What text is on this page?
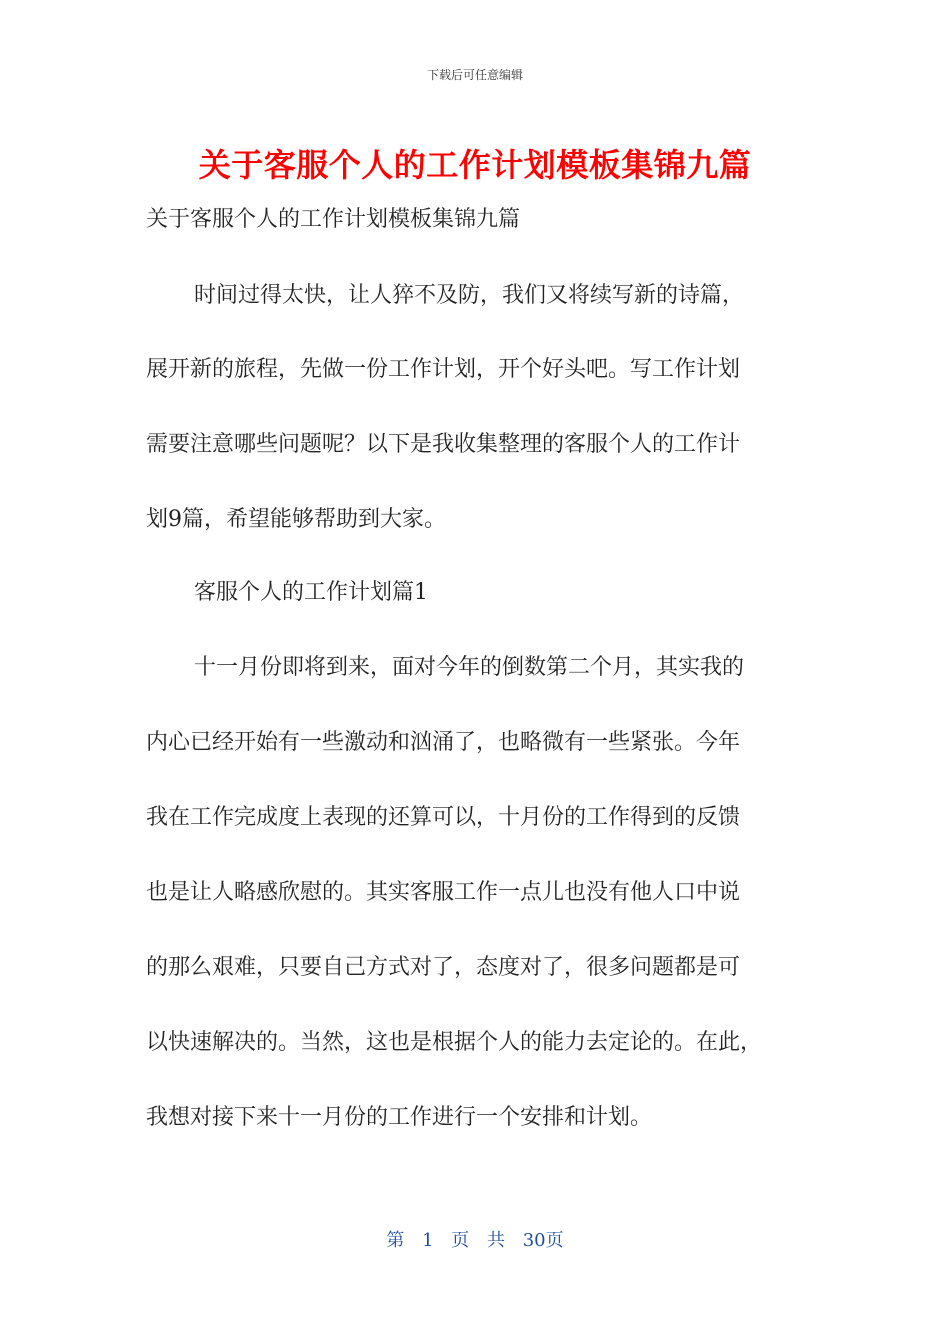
下载后可任意编辑
关于客服个人的工作计划模板集锦九篇
关于客服个人的工作计划模板集锦九篇
时间过得太快，让人猝不及防，我们又将续写新的诗篇，
展开新的旅程，先做一份工作计划，开个好头吧。写工作计划
需要注意哪些问题呢？以下是我收集整理的客服个人的工作计
划9篇，希望能够帮助到大家。
客服个人的工作计划篇1
十一月份即将到来，面对今年的倒数第二个月，其实我的
内心已经开始有一些激动和汹涌了，也略微有一些紧张。今年
我在工作完成度上表现的还算可以，十月份的工作得到的反馈
也是让人略感欣慰的。其实客服工作一点儿也没有他人口中说
的那么艰难，只要自己方式对了，态度对了，很多问题都是可
以快速解决的。当然，这也是根据个人的能力去定论的。在此，
我想对接下来十一月份的工作进行一个安排和计划。
第 1 页 共 30页
